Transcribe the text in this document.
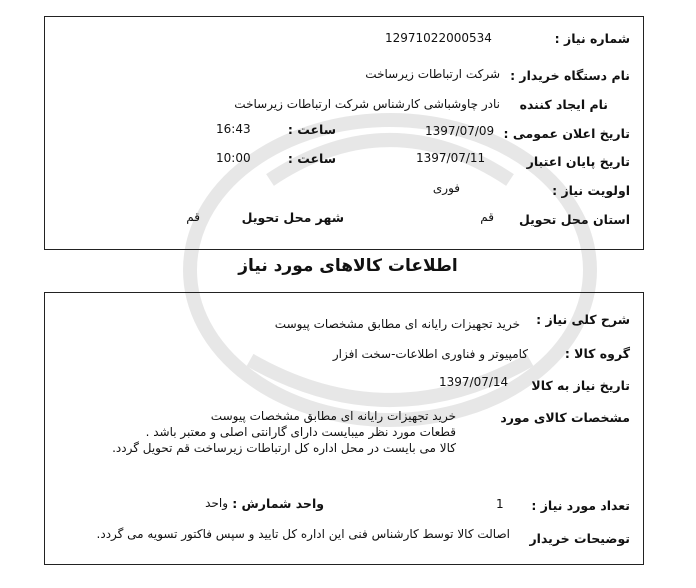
شماره نیاز :
12971022000534
نام دستگاه خریدار :
شرکت ارتباطات زیرساخت
نام ایجاد کننده
نادر چاوشباشی کارشناس شرکت ارتباطات زیرساخت
تاریخ اعلان عمومی :
1397/07/09
ساعت :
16:43
تاریخ پایان اعتبار
1397/07/11
ساعت :
10:00
اولویت نیاز :
فوری
استان محل تحویل
قم
شهر محل تحویل
قم
اطلاعات کالاهای مورد نیاز
شرح کلی نیاز :
خرید تجهیزات رایانه ای مطابق مشخصات پیوست
گروه کالا :
کامپیوتر و فناوری اطلاعات-سخت افزار
تاریخ نیاز به کالا
1397/07/14
مشخصات کالای مورد
خرید تجهیزات رایانه ای مطابق مشخصات پیوست
قطعات مورد نظر میبایست دارای گارانتی اصلی و معتبر باشد .
کالا می بایست در محل اداره کل ارتباطات زیرساخت قم تحویل گردد.
تعداد مورد نیاز :
1
واحد شمارش :
واحد
توضیحات خریدار
اصالت کالا توسط کارشناس فنی این اداره کل تایید و سپس فاکتور تسویه می گردد.
